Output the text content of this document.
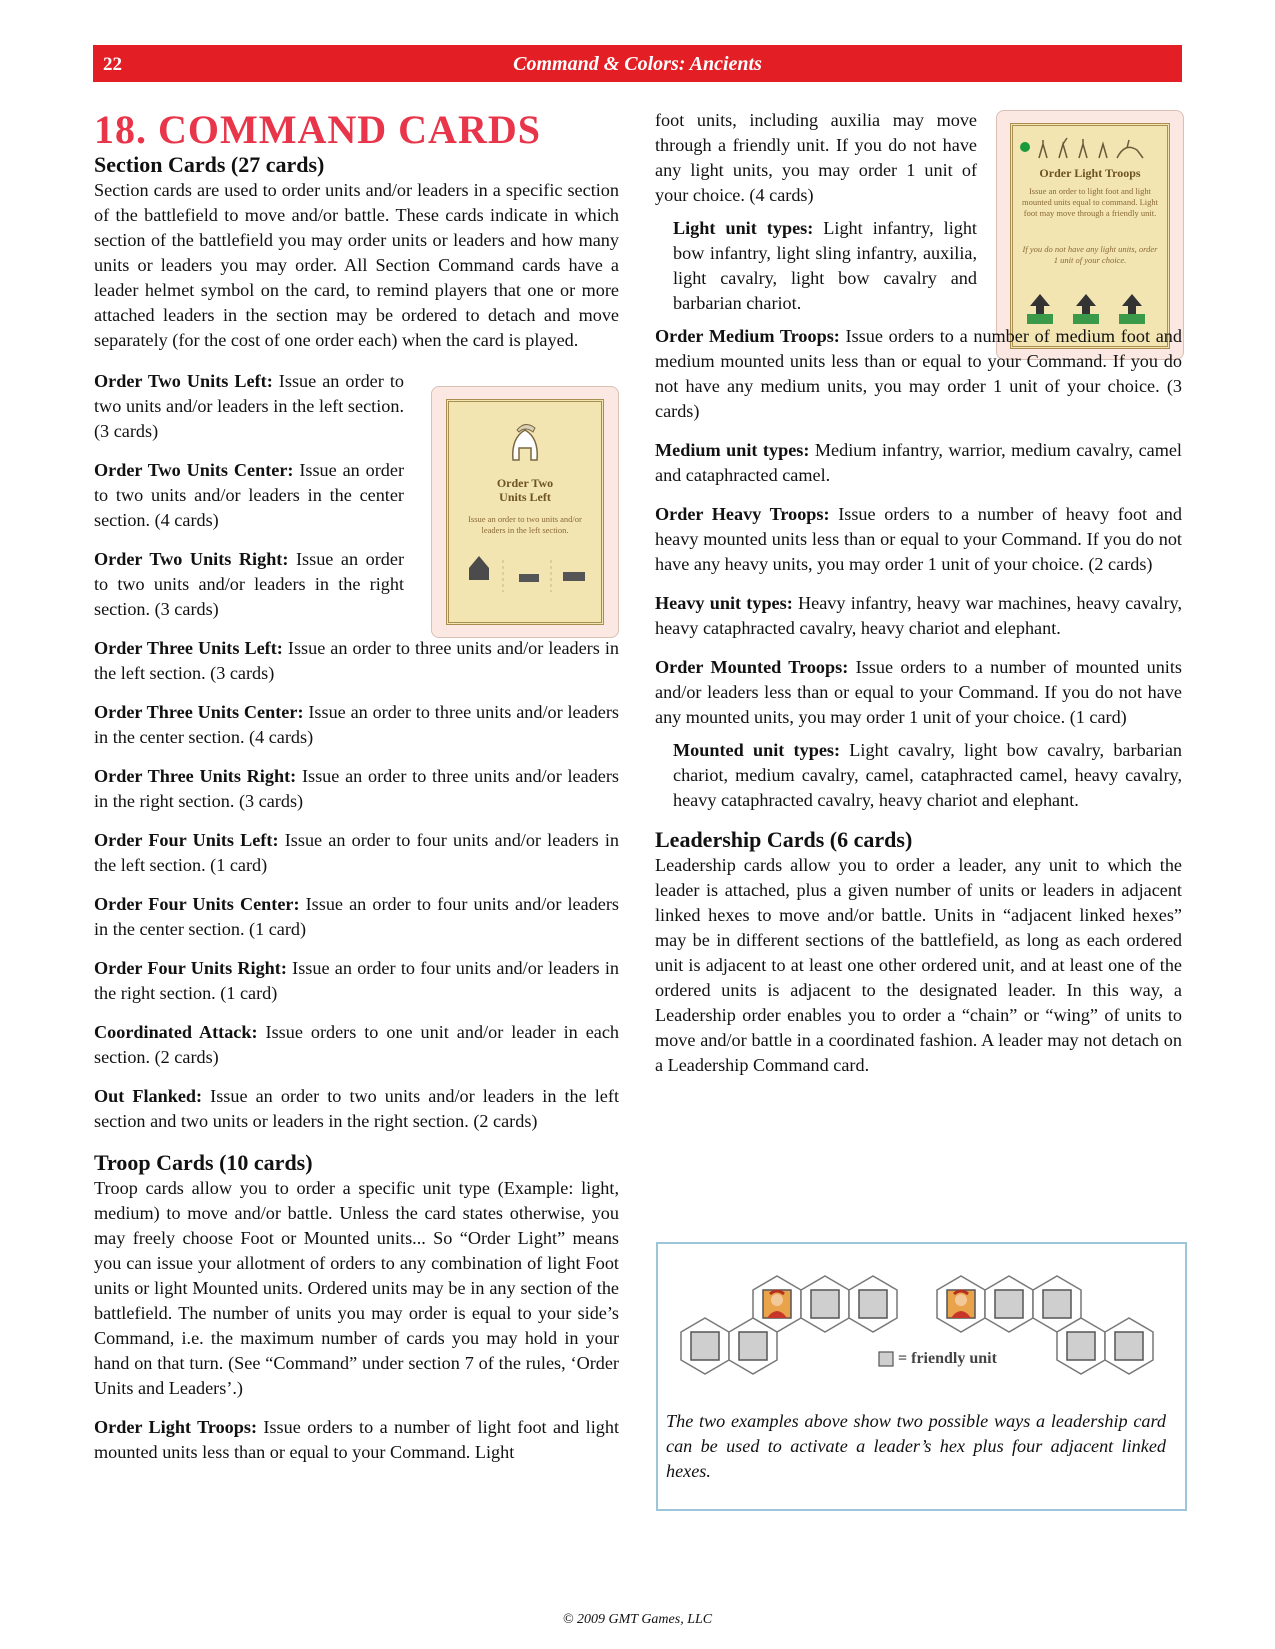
22	Command & Colors: Ancients
18. COMMAND CARDS
Section Cards (27 cards)

Section cards are used to order units and/or leaders in a specific section of the battlefield to move and/or battle. These cards indicate in which section of the battlefield you may order units or leaders and how many units or leaders you may order. All Section Command cards have a leader helmet symbol on the card, to remind players that one or more attached leaders in the section may be ordered to detach and move separately (for the cost of one order each) when the card is played.

Order Two Units Left: Issue an order to two units and/or leaders in the left section. (3 cards)

Order Two Units Center: Issue an order to two units and/or leaders in the center section. (4 cards)

Order Two Units Right: Issue an order to two units and/or leaders in the right section. (3 cards)

Order Three Units Left: Issue an order to three units and/or leaders in the left section. (3 cards)

Order Three Units Center: Issue an order to three units and/or leaders in the center section. (4 cards)

Order Three Units Right: Issue an order to three units and/or leaders in the right section. (3 cards)

Order Four Units Left: Issue an order to four units and/or leaders in the left section. (1 card)

Order Four Units Center: Issue an order to four units and/or leaders in the center section. (1 card)

Order Four Units Right: Issue an order to four units and/or leaders in the right section. (1 card)

Coordinated Attack: Issue orders to one unit and/or leader in each section. (2 cards)

Out Flanked: Issue an order to two units and/or leaders in the left section and two units or leaders in the right section. (2 cards)

Troop Cards (10 cards)

Troop cards allow you to order a specific unit type (Example: light, medium) to move and/or battle. Unless the card states otherwise, you may freely choose Foot or Mounted units... So “Order Light” means you can issue your allotment of orders to any combination of light Foot units or light Mounted units. Ordered units may be in any section of the battlefield. The number of units you may order is equal to your side’s Command, i.e. the maximum number of cards you may hold in your hand on that turn. (See “Command” under section 7 of the rules, ‘Order Units and Leaders’.)

Order Light Troops: Issue orders to a number of light foot and light mounted units less than or equal to your Command. Light

Order Two Units Left
Issue an order to two units and/or leaders in the left section.
Order Light Troops
Issue an order to light foot and light mounted units equal to command. Light foot may move through a friendly unit.
If you do not have any light units, order 1 unit of your choice.

foot units, including auxilia may move through a friendly unit. If you do not have any light units, you may order 1 unit of your choice. (4 cards)

Light unit types: Light infantry, light bow infantry, light sling infantry, auxilia, light cavalry, light bow cavalry and barbarian chariot.

Order Medium Troops: Issue orders to a number of medium foot and medium mounted units less than or equal to your Command. If you do not have any medium units, you may order 1 unit of your choice. (3 cards)

Medium unit types: Medium infantry, warrior, medium cavalry, camel and cataphracted camel.

Order Heavy Troops: Issue orders to a number of heavy foot and heavy mounted units less than or equal to your Command. If you do not have any heavy units, you may order 1 unit of your choice. (2 cards)

Heavy unit types: Heavy infantry, heavy war machines, heavy cavalry, heavy cataphracted cavalry, heavy chariot and elephant.

Order Mounted Troops: Issue orders to a number of mounted units and/or leaders less than or equal to your Command. If you do not have any mounted units, you may order 1 unit of your choice. (1 card)

Mounted unit types: Light cavalry, light bow cavalry, barbarian chariot, medium cavalry, camel, cataphracted camel, heavy cavalry, heavy cataphracted cavalry, heavy chariot and elephant.

Leadership Cards (6 cards)

Leadership cards allow you to order a leader, any unit to which the leader is attached, plus a given number of units or leaders in adjacent linked hexes to move and/or battle. Units in “adjacent linked hexes” may be in different sections of the battlefield, as long as each ordered unit is adjacent to at least one other ordered unit, and at least one of the ordered units is adjacent to the designated leader. In this way, a Leadership order enables you to order a “chain” or “wing” of units to move and/or battle in a coordinated fashion. A leader may not detach on a Leadership Command card.

= friendly unit
The two examples above show two possible ways a leadership card can be used to activate a leader’s hex plus four adjacent linked hexes.
© 2009 GMT Games, LLC
